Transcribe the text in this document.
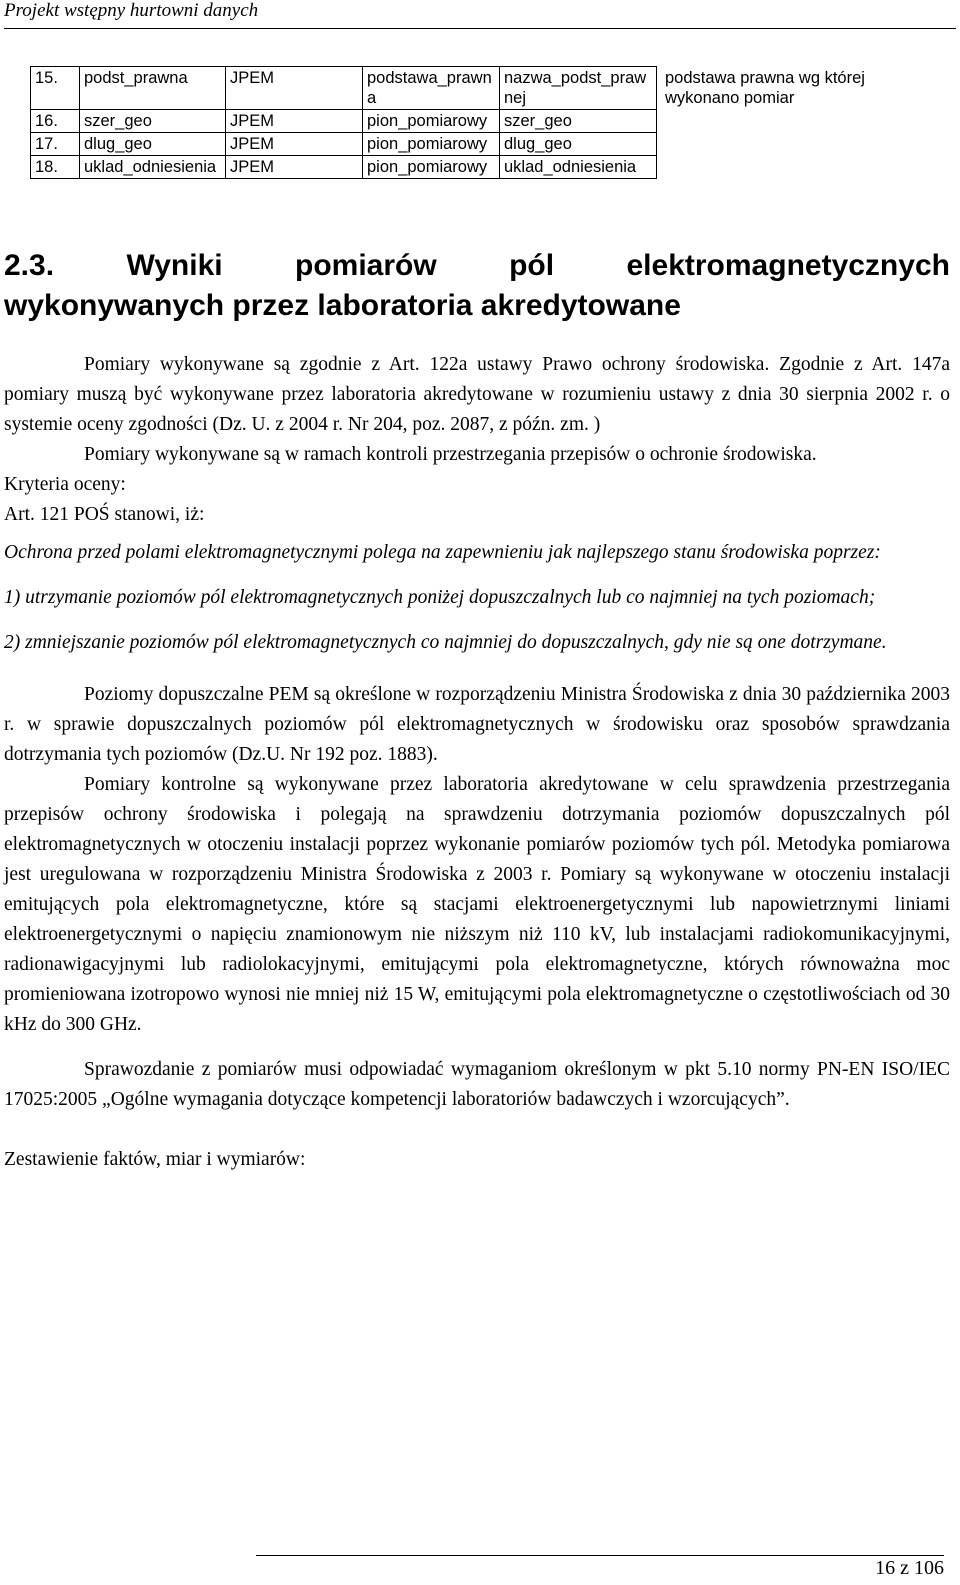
Projekt wstępny hurtowni danych
15.	podst_prawna	JPEM	podstawa_prawna	nazwa_podst_prawnej	podstawa prawna wg której wykonano pomiar
16.	szer_geo	JPEM	pion_pomiarowy	szer_geo	
17.	dlug_geo	JPEM	pion_pomiarowy	dlug_geo	
18.	uklad_odniesienia	JPEM	pion_pomiarowy	uklad_odniesienia	
2.3. Wyniki pomiarów pól elektromagnetycznych
wykonywanych przez laboratoria akredytowane

Pomiary wykonywane są zgodnie z Art. 122a ustawy Prawo ochrony środowiska. Zgodnie z Art. 147a pomiary muszą być wykonywane przez laboratoria akredytowane w rozumieniu ustawy z dnia 30 sierpnia 2002 r. o systemie oceny zgodności (Dz. U. z 2004 r. Nr 204, poz. 2087, z późn. zm. )

Pomiary wykonywane są w ramach kontroli przestrzegania przepisów o ochronie środowiska.

Kryteria oceny:

Art. 121 POŚ stanowi, iż:

Ochrona przed polami elektromagnetycznymi polega na zapewnieniu jak najlepszego stanu środowiska poprzez:

1) utrzymanie poziomów pól elektromagnetycznych poniżej dopuszczalnych lub co najmniej na tych poziomach;

2) zmniejszanie poziomów pól elektromagnetycznych co najmniej do dopuszczalnych, gdy nie są one dotrzymane.

Poziomy dopuszczalne PEM są określone w rozporządzeniu Ministra Środowiska z dnia 30 października 2003 r. w sprawie dopuszczalnych poziomów pól elektromagnetycznych w środowisku oraz sposobów sprawdzania dotrzymania tych poziomów (Dz.U. Nr 192 poz. 1883).

Pomiary kontrolne są wykonywane przez laboratoria akredytowane w celu sprawdzenia przestrzegania przepisów ochrony środowiska i polegają na sprawdzeniu dotrzymania poziomów dopuszczalnych pól elektromagnetycznych w otoczeniu instalacji poprzez wykonanie pomiarów poziomów tych pól. Metodyka pomiarowa jest uregulowana w rozporządzeniu Ministra Środowiska z 2003 r. Pomiary są wykonywane w otoczeniu instalacji emitujących pola elektromagnetyczne, które są stacjami elektroenergetycznymi lub napowietrznymi liniami elektroenergetycznymi o napięciu znamionowym nie niższym niż 110 kV, lub instalacjami radiokomunikacyjnymi, radionawigacyjnymi lub radiolokacyjnymi, emitującymi pola elektromagnetyczne, których równoważna moc promieniowana izotropowo wynosi nie mniej niż 15 W, emitującymi pola elektromagnetyczne o częstotliwościach od 30 kHz do 300 GHz.

Sprawozdanie z pomiarów musi odpowiadać wymaganiom określonym w pkt 5.10 normy PN-EN ISO/IEC 17025:2005 „Ogólne wymagania dotyczące kompetencji laboratoriów badawczych i wzorcujących”.

Zestawienie faktów, miar i wymiarów:

16 z 106
